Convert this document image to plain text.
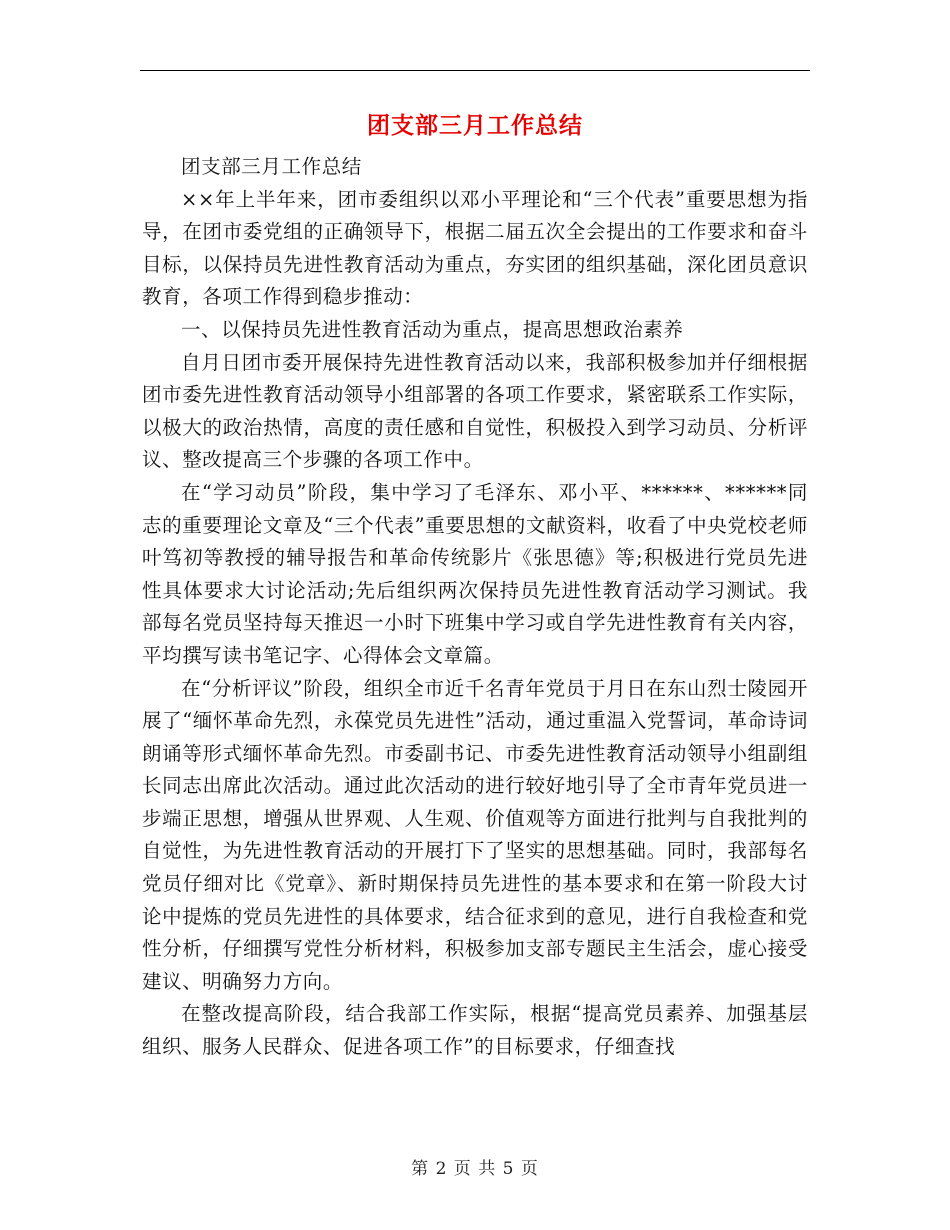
团支部三月工作总结

团支部三月工作总结

××年上半年来，团市委组织以邓小平理论和“三个代表”重要思想为指导，在团市委党组的正确领导下，根据二届五次全会提出的工作要求和奋斗目标，以保持员先进性教育活动为重点，夯实团的组织基础，深化团员意识教育，各项工作得到稳步推动：

一、以保持员先进性教育活动为重点，提高思想政治素养

自月日团市委开展保持先进性教育活动以来，我部积极参加并仔细根据团市委先进性教育活动领导小组部署的各项工作要求，紧密联系工作实际，以极大的政治热情，高度的责任感和自觉性，积极投入到学习动员、分析评议、整改提高三个步骤的各项工作中。

在“学习动员”阶段，集中学习了毛泽东、邓小平、******、******同志的重要理论文章及“三个代表”重要思想的文献资料，收看了中央党校老师叶笃初等教授的辅导报告和革命传统影片《张思德》等;积极进行党员先进性具体要求大讨论活动;先后组织两次保持员先进性教育活动学习测试。我部每名党员坚持每天推迟一小时下班集中学习或自学先进性教育有关内容，平均撰写读书笔记字、心得体会文章篇。

在“分析评议”阶段，组织全市近千名青年党员于月日在东山烈士陵园开展了“缅怀革命先烈，永葆党员先进性”活动，通过重温入党誓词，革命诗词朗诵等形式缅怀革命先烈。市委副书记、市委先进性教育活动领导小组副组长同志出席此次活动。通过此次活动的进行较好地引导了全市青年党员进一步端正思想，增强从世界观、人生观、价值观等方面进行批判与自我批判的自觉性，为先进性教育活动的开展打下了坚实的思想基础。同时，我部每名党员仔细对比《党章》、新时期保持员先进性的基本要求和在第一阶段大讨论中提炼的党员先进性的具体要求，结合征求到的意见，进行自我检查和党性分析，仔细撰写党性分析材料，积极参加支部专题民主生活会，虚心接受建议、明确努力方向。

在整改提高阶段，结合我部工作实际，根据“提高党员素养、加强基层组织、服务人民群众、促进各项工作”的目标要求，仔细查找

第 2 页 共 5 页
